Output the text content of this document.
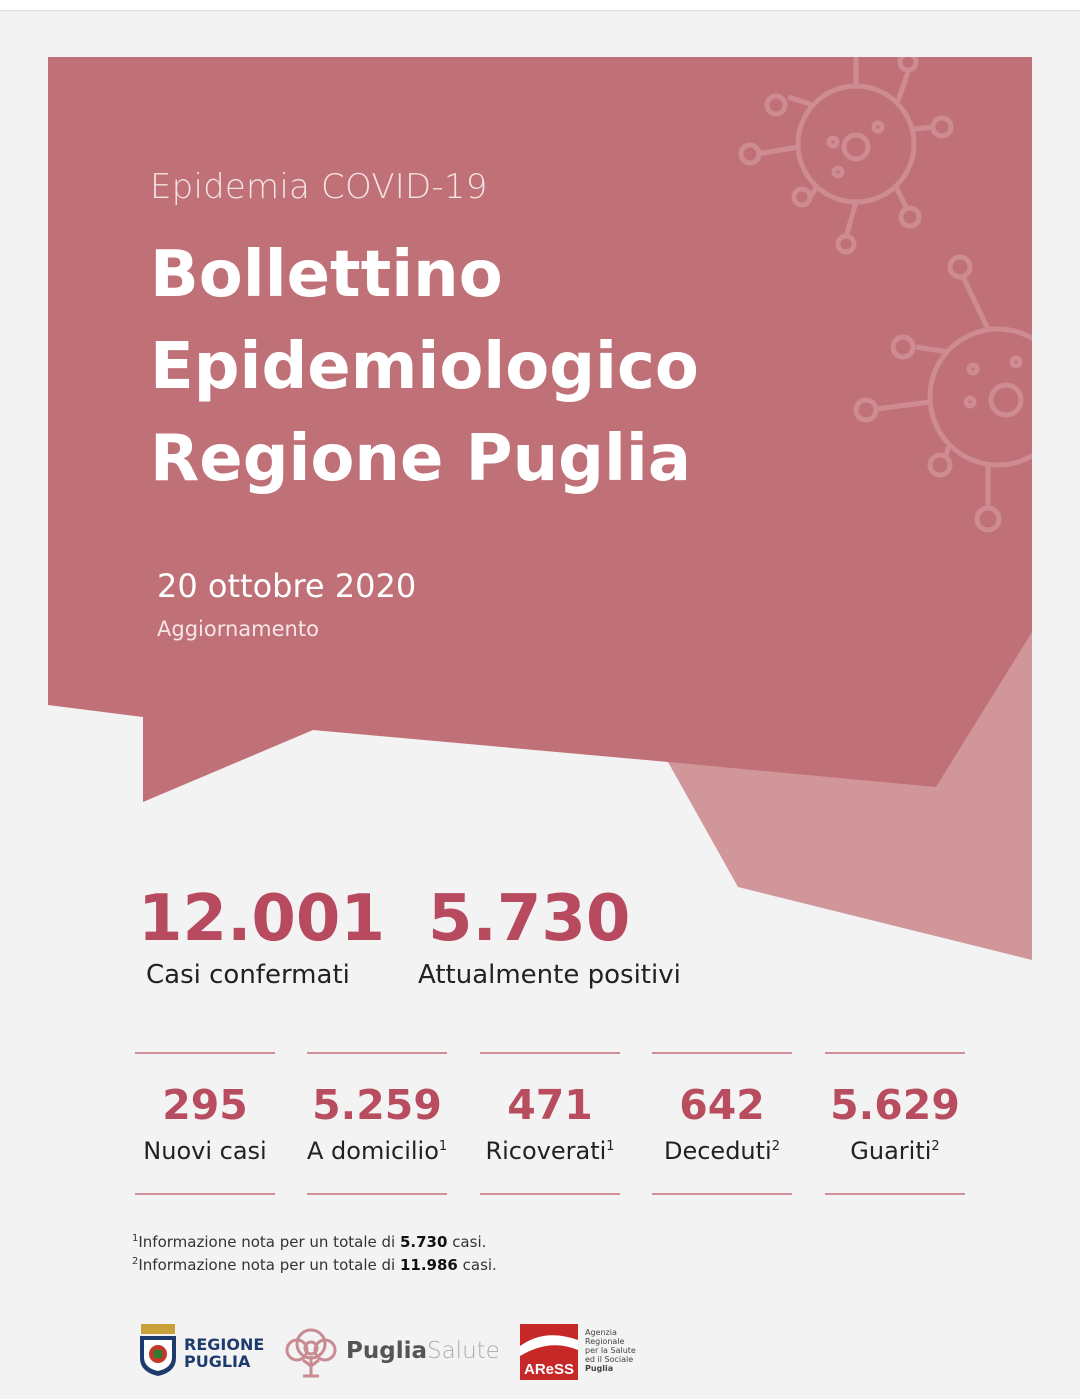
Epidemia COVID-19
Bollettino
Epidemiologico
Regione Puglia
20 ottobre 2020
Aggiornamento
12.001
Casi confermati
5.730
Attualmente positivi
295
Nuovi casi
5.259
A domicilio$^1$
471
Ricoverati$^1$
642
Deceduti$^2$
5.629
Guariti$^2$
$^1$Informazione nota per un totale di 5.730 casi.
$^2$Informazione nota per un totale di 11.986 casi.
REGIONE
PUGLIA	PugliaSalute
AReSS
Agenzia
Regionale
per la Salute
ed il Sociale
Puglia
